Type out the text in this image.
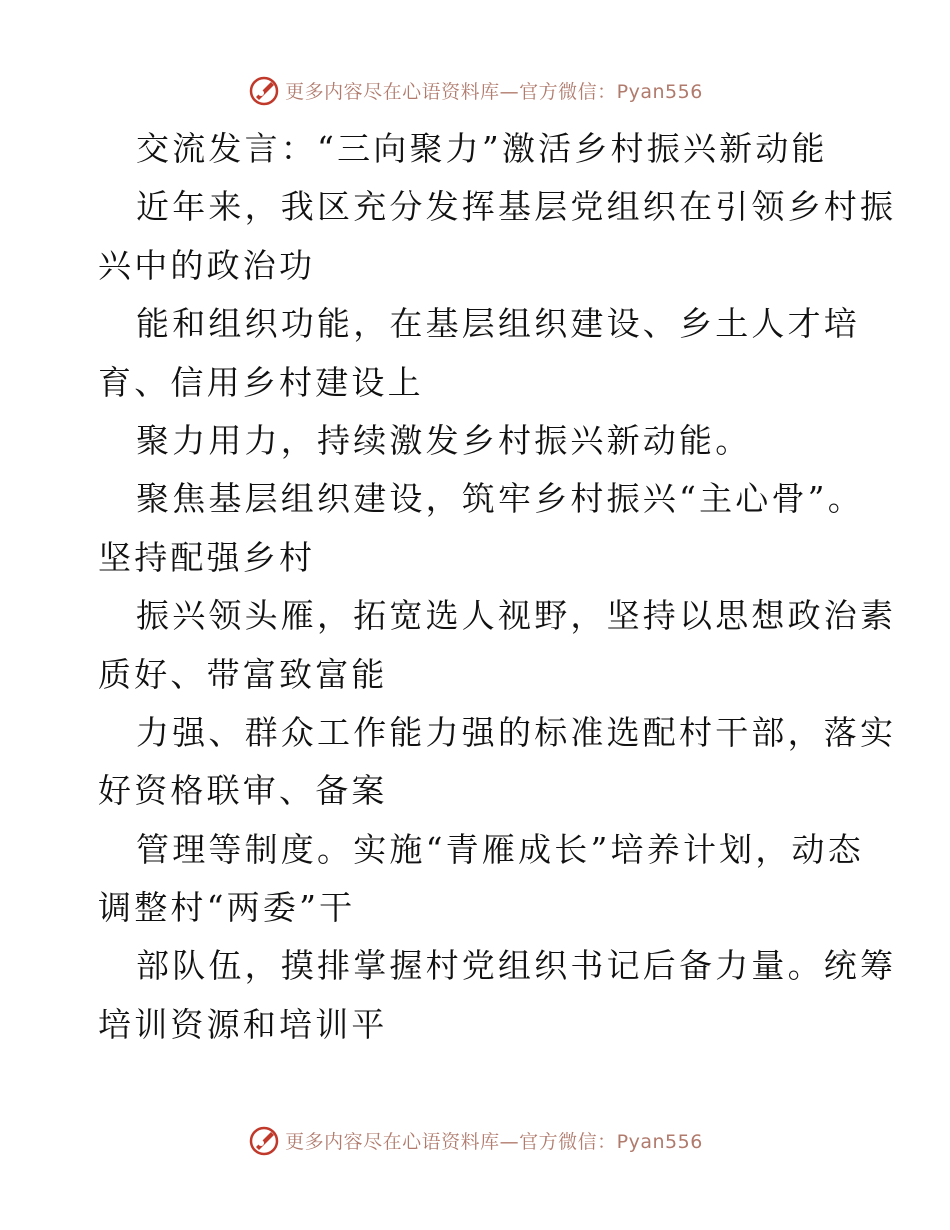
更多内容尽在心语资料库—官方微信：Pyan556
交流发言：“三向聚力”激活乡村振兴新动能
近年来，我区充分发挥基层党组织在引领乡村振
兴中的政治功
能和组织功能，在基层组织建设、乡土人才培
育、信用乡村建设上
聚力用力，持续激发乡村振兴新动能。
聚焦基层组织建设，筑牢乡村振兴“主心骨”。
坚持配强乡村
振兴领头雁，拓宽选人视野，坚持以思想政治素
质好、带富致富能
力强、群众工作能力强的标准选配村干部，落实
好资格联审、备案
管理等制度。实施“青雁成长”培养计划，动态
调整村“两委”干
部队伍，摸排掌握村党组织书记后备力量。统筹
培训资源和培训平
更多内容尽在心语资料库—官方微信：Pyan556
